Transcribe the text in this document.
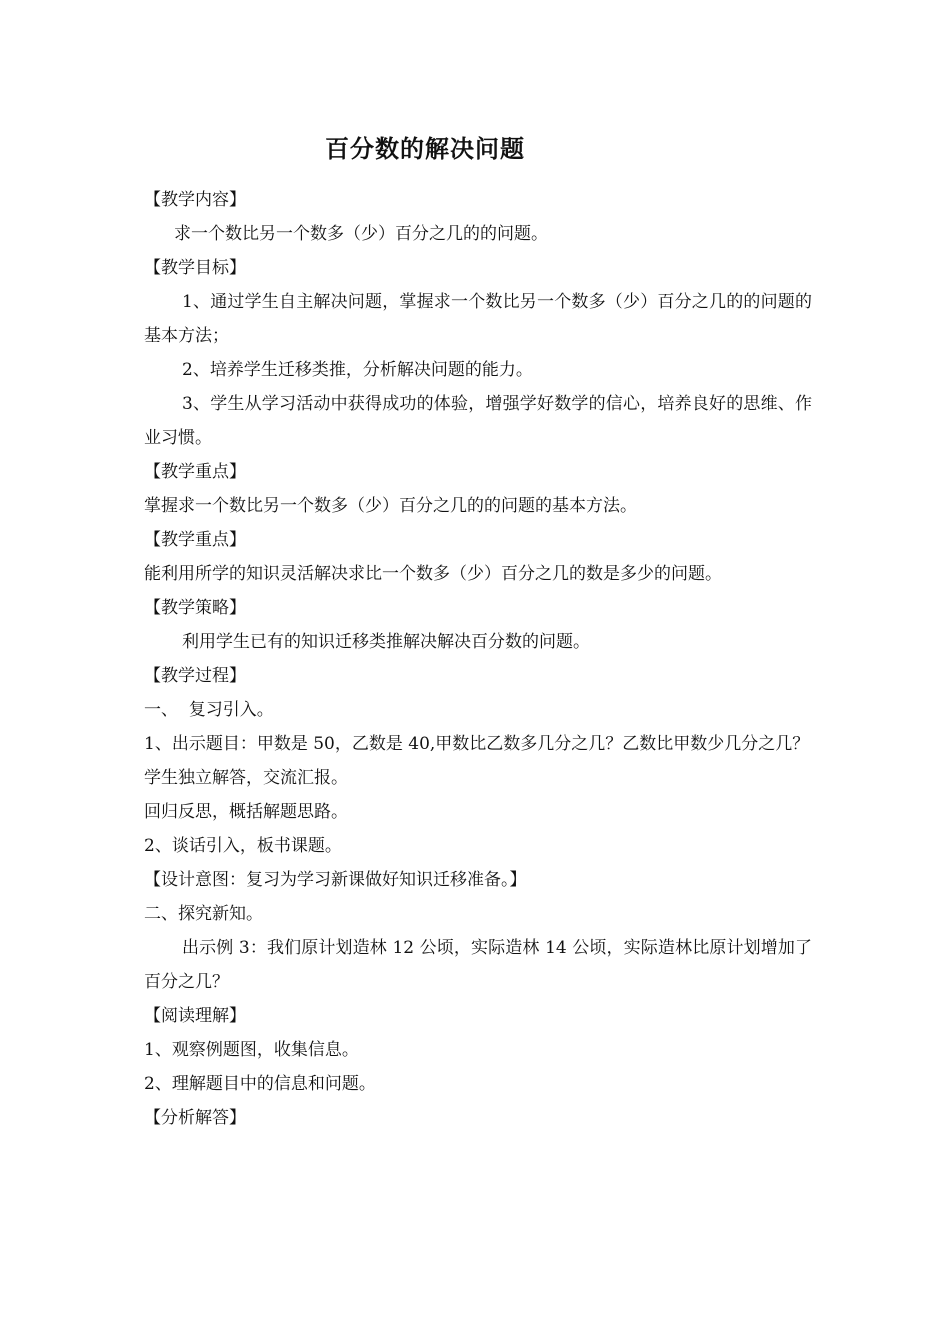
百分数的解决问题
【教学内容】
求一个数比另一个数多（少）百分之几的的问题。
【教学目标】
1、通过学生自主解决问题，掌握求一个数比另一个数多（少）百分之几的的问题的基本方法；
2、培养学生迁移类推，分析解决问题的能力。
3、学生从学习活动中获得成功的体验，增强学好数学的信心，培养良好的思维、作业习惯。
【教学重点】
掌握求一个数比另一个数多（少）百分之几的的问题的基本方法。
【教学重点】
能利用所学的知识灵活解决求比一个数多（少）百分之几的数是多少的问题。
【教学策略】
利用学生已有的知识迁移类推解决解决百分数的问题。
【教学过程】
一、  复习引入。
1、出示题目：甲数是 50，乙数是 40,甲数比乙数多几分之几？乙数比甲数少几分之几？
学生独立解答，交流汇报。
回归反思，概括解题思路。
2、谈话引入，板书课题。
【设计意图：复习为学习新课做好知识迁移准备。】
二、探究新知。
出示例 3：我们原计划造林 12 公顷，实际造林 14 公顷，实际造林比原计划增加了百分之几？
【阅读理解】
1、观察例题图，收集信息。
2、理解题目中的信息和问题。
【分析解答】
